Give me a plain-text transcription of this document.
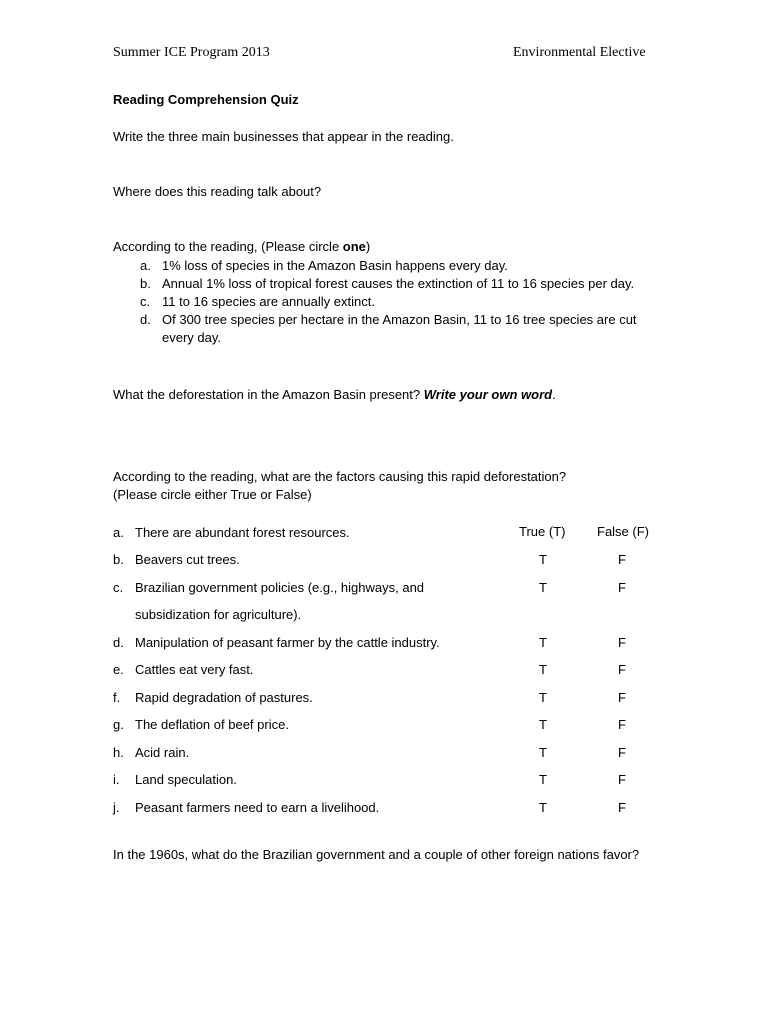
Summer ICE Program 2013	Environmental Elective
Reading Comprehension Quiz
Write the three main businesses that appear in the reading.
Where does this reading talk about?
According to the reading, (Please circle one)
a. 1% loss of species in the Amazon Basin happens every day.
b. Annual 1% loss of tropical forest causes the extinction of 11 to 16 species per day.
c. 11 to 16 species are annually extinct.
d. Of 300 tree species per hectare in the Amazon Basin, 11 to 16 tree species are cut every day.
What the deforestation in the Amazon Basin present? Write your own word.
According to the reading, what are the factors causing this rapid deforestation?
(Please circle either True or False)
True (T) False (F)
a. There are abundant forest resources.
b. Beavers cut trees.	T	F
c. Brazilian government policies (e.g., highways, and	T	F
subsidization for agriculture).
d. Manipulation of peasant farmer by the cattle industry.	T	F
e. Cattles eat very fast.	T	F
f. Rapid degradation of pastures.	T	F
g. The deflation of beef price.	T	F
h. Acid rain.	T	F
i. Land speculation.	T	F
j. Peasant farmers need to earn a livelihood.	T	F
In the 1960s, what do the Brazilian government and a couple of other foreign nations favor?
